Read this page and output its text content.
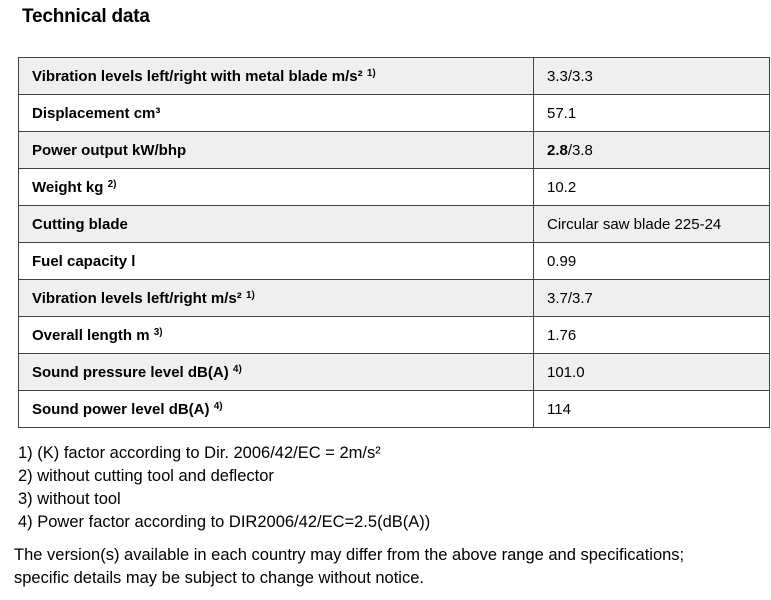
Technical data
Vibration levels left/right with metal blade m/s² $^{1)}$	3.3/3.3
Displacement cm³	57.1
Power output kW/bhp	2.8/3.8
Weight kg $^{2)}$	10.2
Cutting blade	Circular saw blade 225-24
Fuel capacity l	0.99
Vibration levels left/right m/s² $^{1)}$	3.7/3.7
Overall length m $^{3)}$	1.76
Sound pressure level dB(A) $^{4)}$	101.0
Sound power level dB(A) $^{4)}$	114
1) (K) factor according to Dir. 2006/42/EC = 2m/s²
2) without cutting tool and deflector
3) without tool
4) Power factor according to DIR2006/42/EC=2.5(dB(A))
The version(s) available in each country may differ from the above range and specifications; specific details may be subject to change without notice.
